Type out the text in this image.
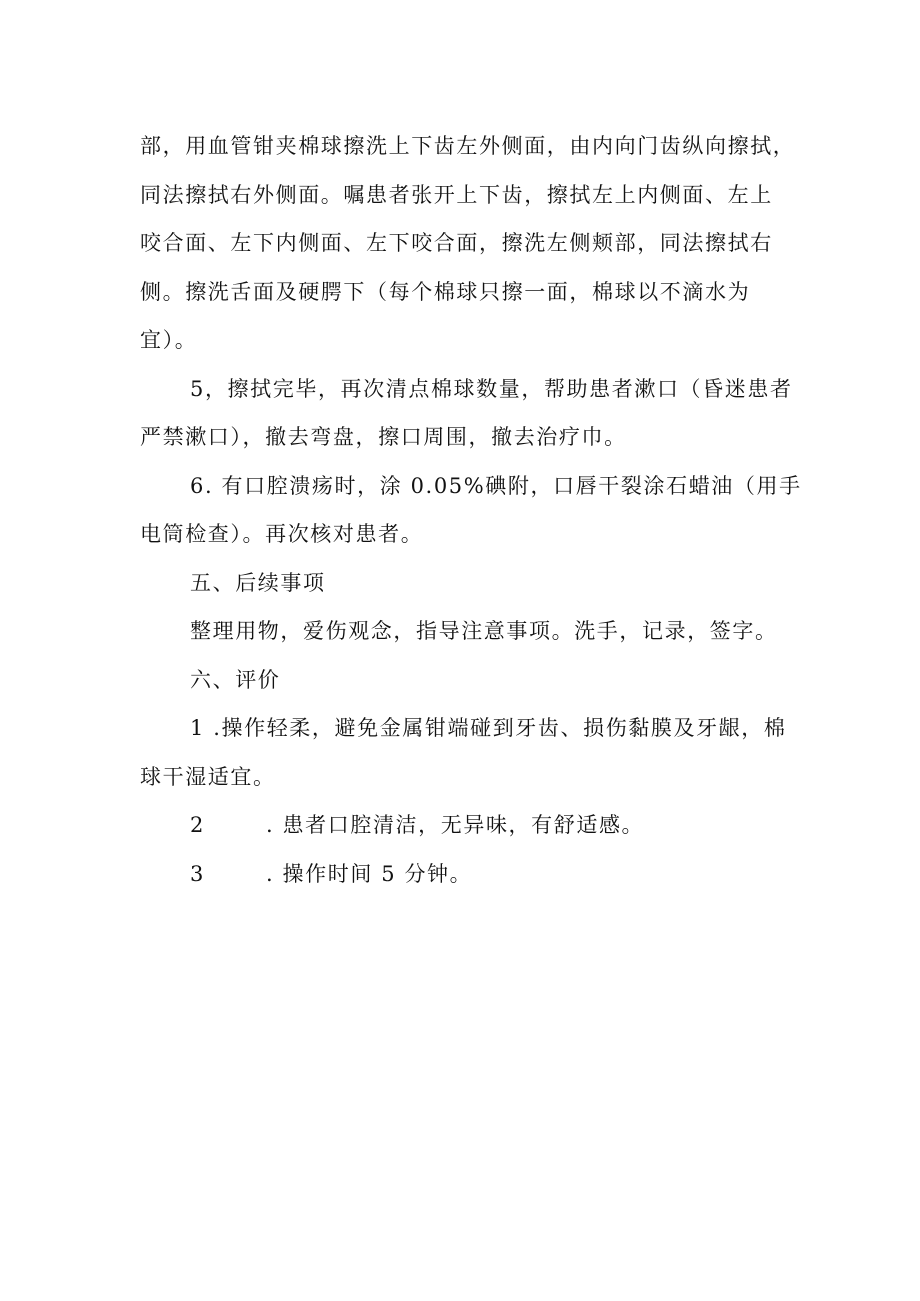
部，用血管钳夹棉球擦洗上下齿左外侧面，由内向门齿纵向擦拭，
同法擦拭右外侧面。嘱患者张开上下齿，擦拭左上内侧面、左上
咬合面、左下内侧面、左下咬合面，擦洗左侧颊部，同法擦拭右
侧。擦洗舌面及硬腭下（每个棉球只擦一面，棉球以不滴水为
宜）。
5，擦拭完毕，再次清点棉球数量，帮助患者漱口（昏迷患者
严禁漱口），撤去弯盘，擦口周围，撤去治疗巾。
6. 有口腔溃疡时，涂 0.05%碘附，口唇干裂涂石蜡油（用手
电筒检查）。再次核对患者。
五、后续事项
整理用物，爱伤观念，指导注意事项。洗手，记录，签字。
六、评价
1 .操作轻柔，避免金属钳端碰到牙齿、损伤黏膜及牙龈，棉
球干湿适宜。
2	. 患者口腔清洁，无异味，有舒适感。
3	. 操作时间 5 分钟。
